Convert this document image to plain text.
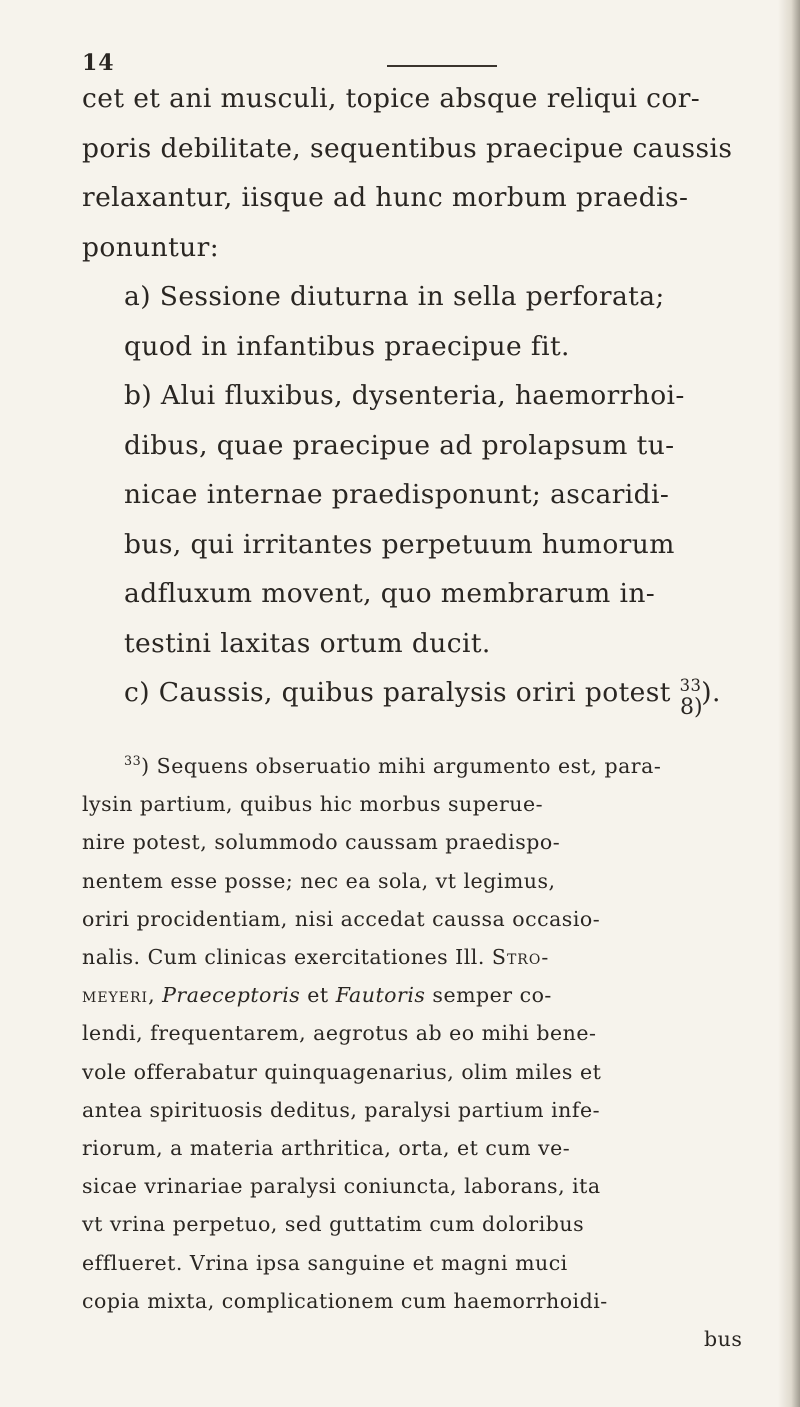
14

cet et ani musculi, topice absque reliqui cor-
poris debilitate, sequentibus praecipue caussis
relaxantur, iisque ad hunc morbum praedis-
ponuntur:

a) Sessione diuturna in sella perforata;
quod in infantibus praecipue fit.

b) Alui fluxibus, dysenteria, haemorrhoi-
dibus, quae praecipue ad prolapsum tu-
nicae internae praedisponunt; ascaridi-
bus, qui irritantes perpetuum humorum
adfluxum movent, quo membrarum in-
testini laxitas ortum ducit.

c) Caussis, quibus paralysis oriri potest $^{33}$).

8)
$^{33}$) Sequens obseruatio mihi argumento est, para-
lysin partium, quibus hic morbus superue-
nire potest, solummodo caussam praedispo-
nentem esse posse; nec ea sola, vt legimus,
oriri procidentiam, nisi accedat caussa occasio-
nalis. Cum clinicas exercitationes Ill. Stro-
meyeri, Praeceptoris et Fautoris semper co-
lendi, frequentarem, aegrotus ab eo mihi bene-
vole offerabatur quinquagenarius, olim miles et
antea spirituosis deditus, paralysi partium infe-
riorum, a materia arthritica, orta, et cum ve-
sicae vrinariae paralysi coniuncta, laborans, ita
vt vrina perpetuo, sed guttatim cum doloribus
efflueret. Vrina ipsa sanguine et magni muci
copia mixta, complicationem cum haemorrhoidi-
bus
